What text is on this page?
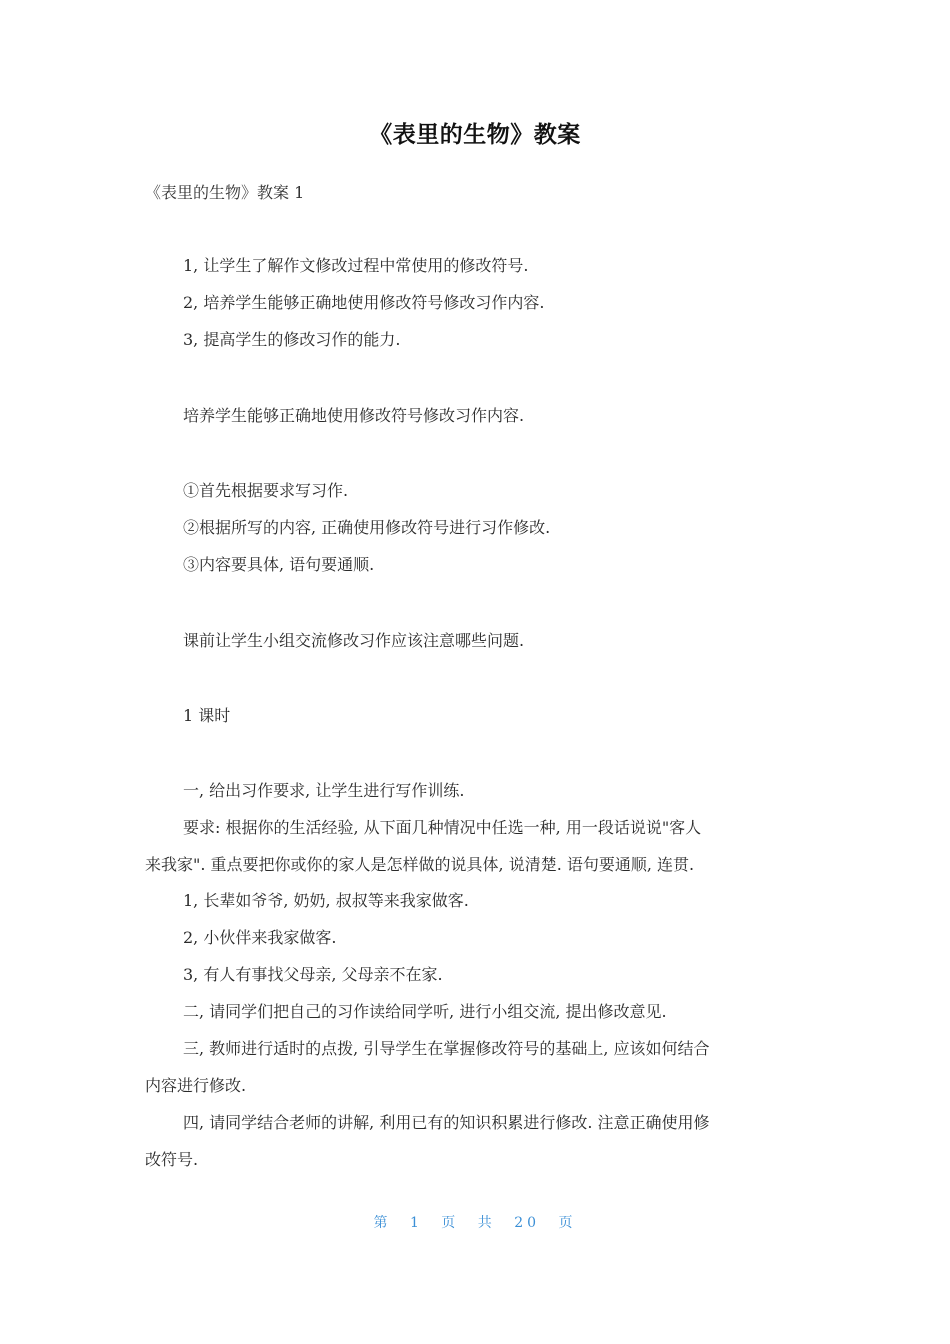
《表里的生物》教案
《表里的生物》教案 1
1, 让学生了解作文修改过程中常使用的修改符号.
2, 培养学生能够正确地使用修改符号修改习作内容.
3, 提高学生的修改习作的能力.
培养学生能够正确地使用修改符号修改习作内容.
①首先根据要求写习作.
②根据所写的内容, 正确使用修改符号进行习作修改.
③内容要具体, 语句要通顺.
课前让学生小组交流修改习作应该注意哪些问题.
1 课时
一, 给出习作要求, 让学生进行写作训练.
要求: 根据你的生活经验, 从下面几种情况中任选一种, 用一段话说说"客人
来我家". 重点要把你或你的家人是怎样做的说具体, 说清楚. 语句要通顺, 连贯.
1, 长辈如爷爷, 奶奶, 叔叔等来我家做客.
2, 小伙伴来我家做客.
3, 有人有事找父母亲, 父母亲不在家.
二, 请同学们把自己的习作读给同学听, 进行小组交流, 提出修改意见.
三, 教师进行适时的点拨, 引导学生在掌握修改符号的基础上, 应该如何结合
内容进行修改.
四, 请同学结合老师的讲解, 利用已有的知识积累进行修改. 注意正确使用修
改符号.
第 1 页 共 20 页
